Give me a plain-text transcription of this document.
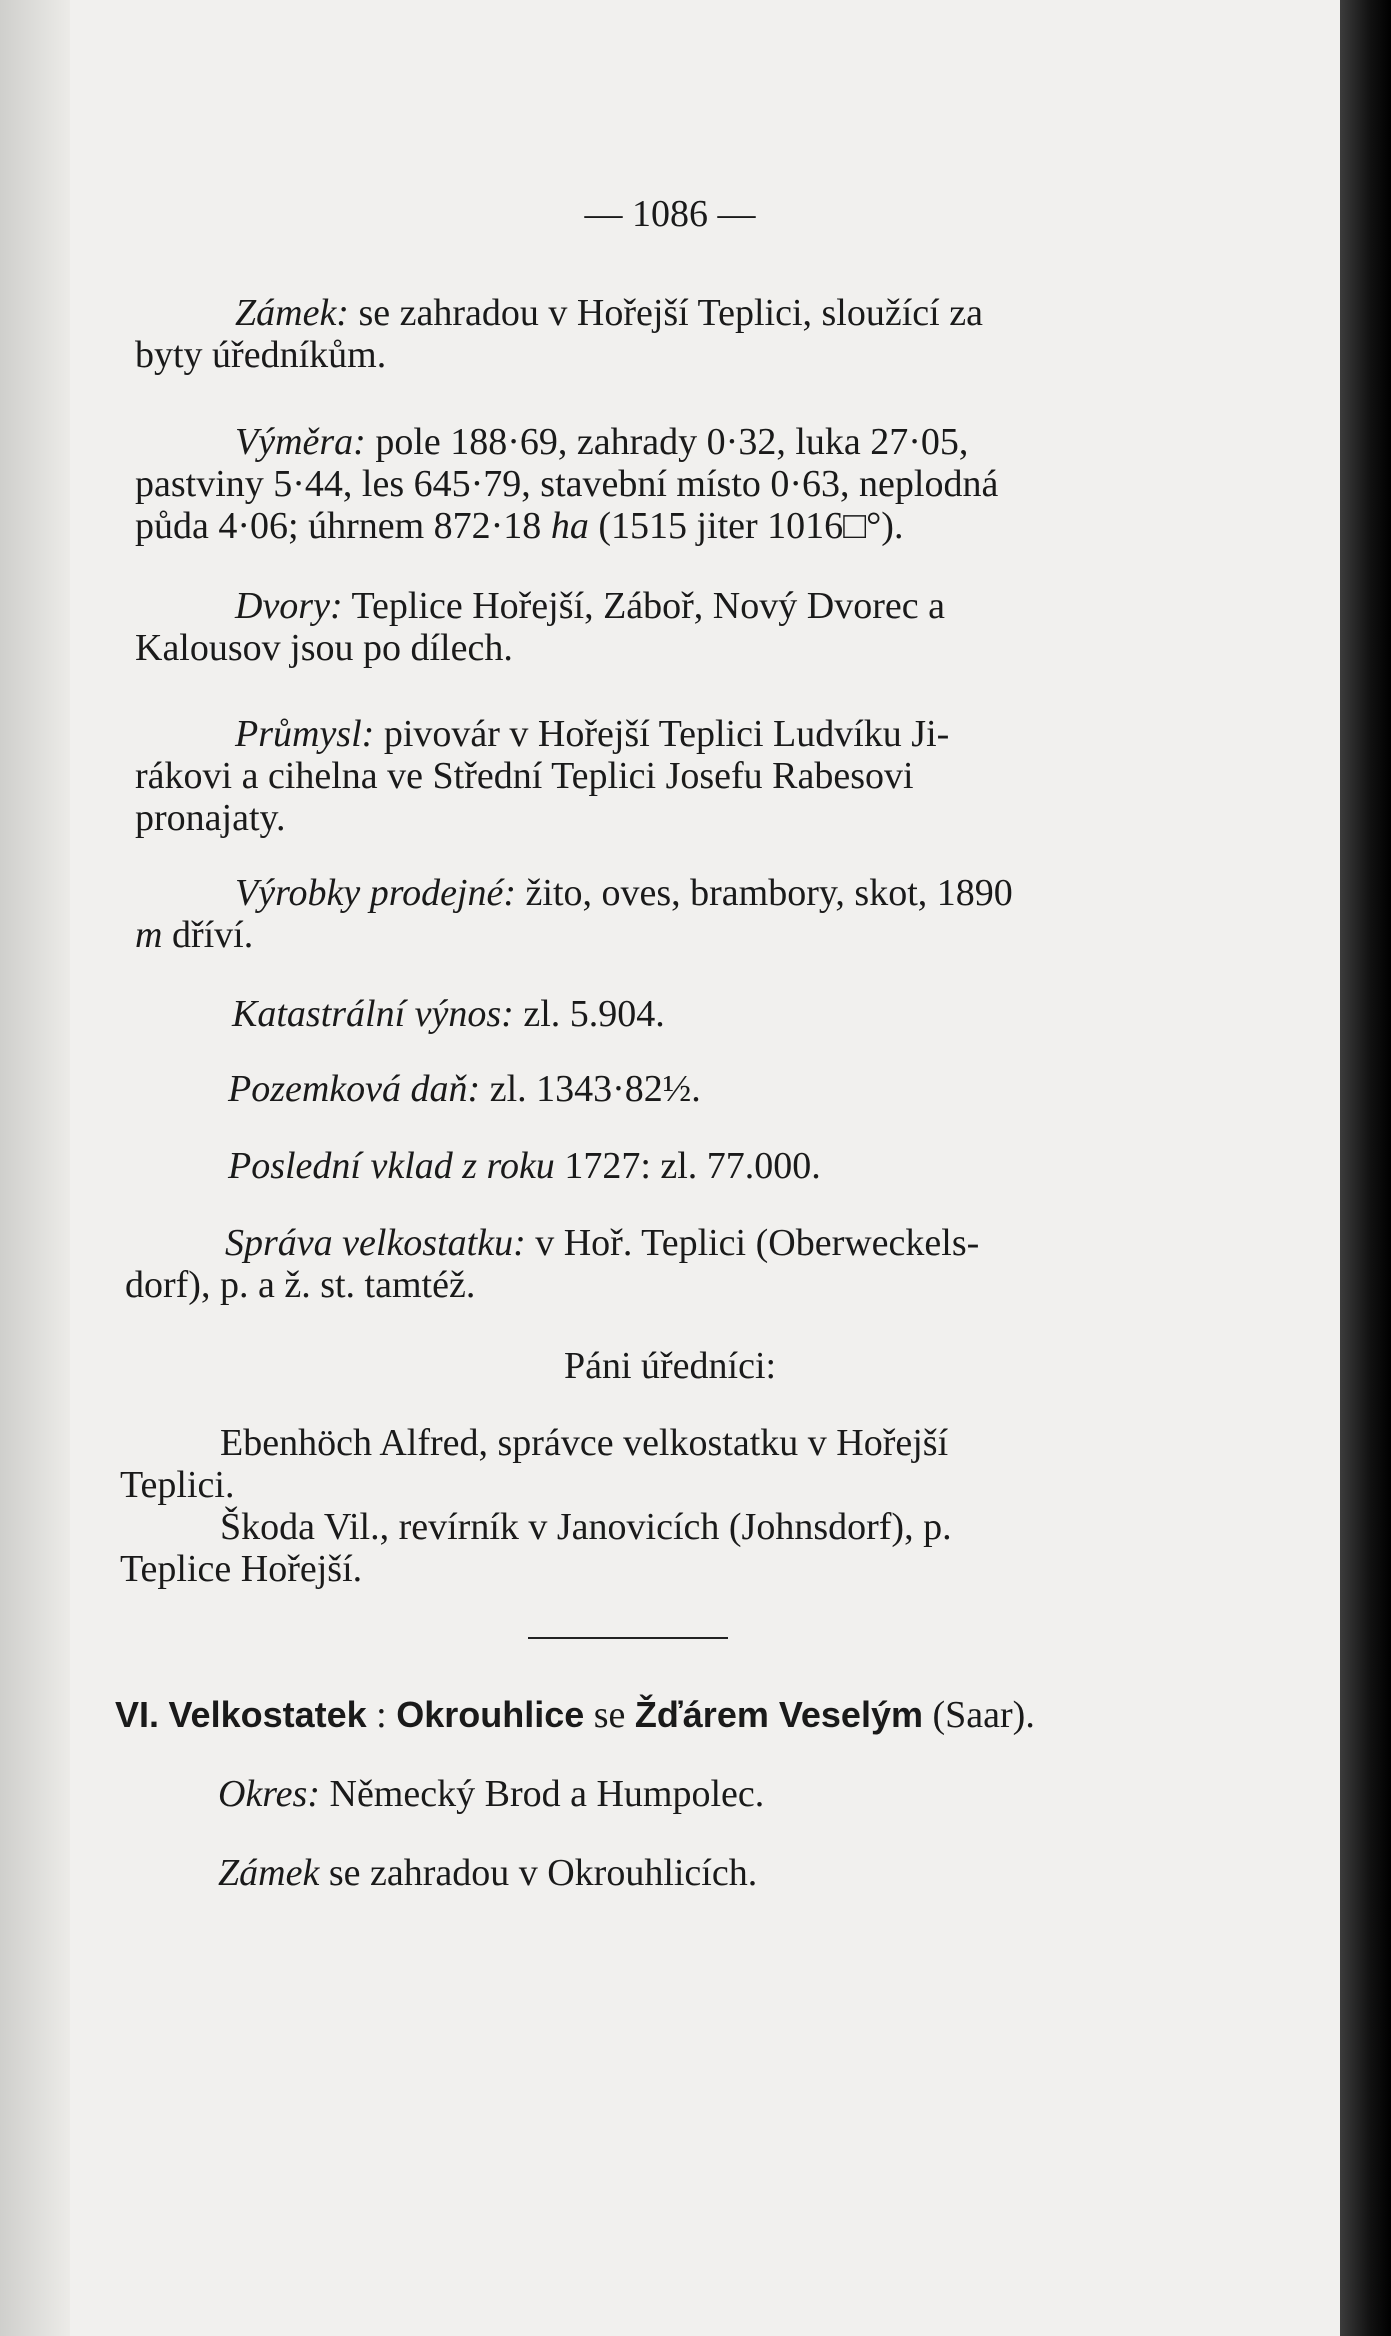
— 1086 —

Zámek: se zahradou v Hořejší Teplici, sloužící za
byty úředníkům.

Výměra: pole 188·69, zahrady 0·32, luka 27·05,
pastviny 5·44, les 645·79, stavební místo 0·63, neplodná
půda 4·06; úhrnem 872·18 ha (1515 jiter 1016□°).

Dvory: Teplice Hořejší, Záboř, Nový Dvorec a
Kalousov jsou po dílech.

Průmysl: pivovár v Hořejší Teplici Ludvíku Ji-
rákovi a cihelna ve Střední Teplici Josefu Rabesovi
pronajaty.

Výrobky prodejné: žito, oves, brambory, skot, 1890
m dříví.

Katastrální výnos: zl. 5.904.

Pozemková daň: zl. 1343·82½.

Poslední vklad z roku 1727: zl. 77.000.

Správa velkostatku: v Hoř. Teplici (Oberweckels-
dorf), p. a ž. st. tamtéž.

Páni úředníci:

Ebenhöch Alfred, správce velkostatku v Hořejší
Teplici.

Škoda Vil., revírník v Janovicích (Johnsdorf), p.
Teplice Hořejší.

VI. Velkostatek : Okrouhlice se Žďárem Veselým (Saar).

Okres: Německý Brod a Humpolec.

Zámek se zahradou v Okrouhlicích.
